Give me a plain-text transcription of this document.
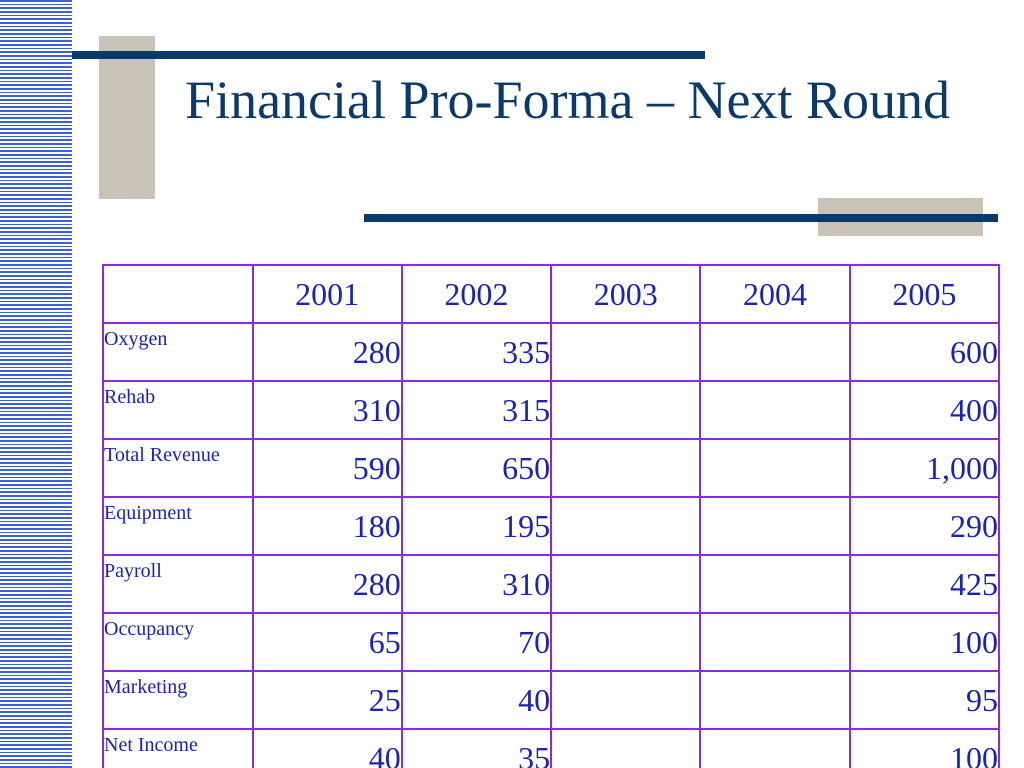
Financial Pro-Forma – Next Round
	2001	2002	2003	2004	2005
Oxygen	280	335			600
Rehab	310	315			400
Total Revenue	590	650			1,000
Equipment	180	195			290
Payroll	280	310			425
Occupancy	65	70			100
Marketing	25	40			95
Net Income	40	35			100
